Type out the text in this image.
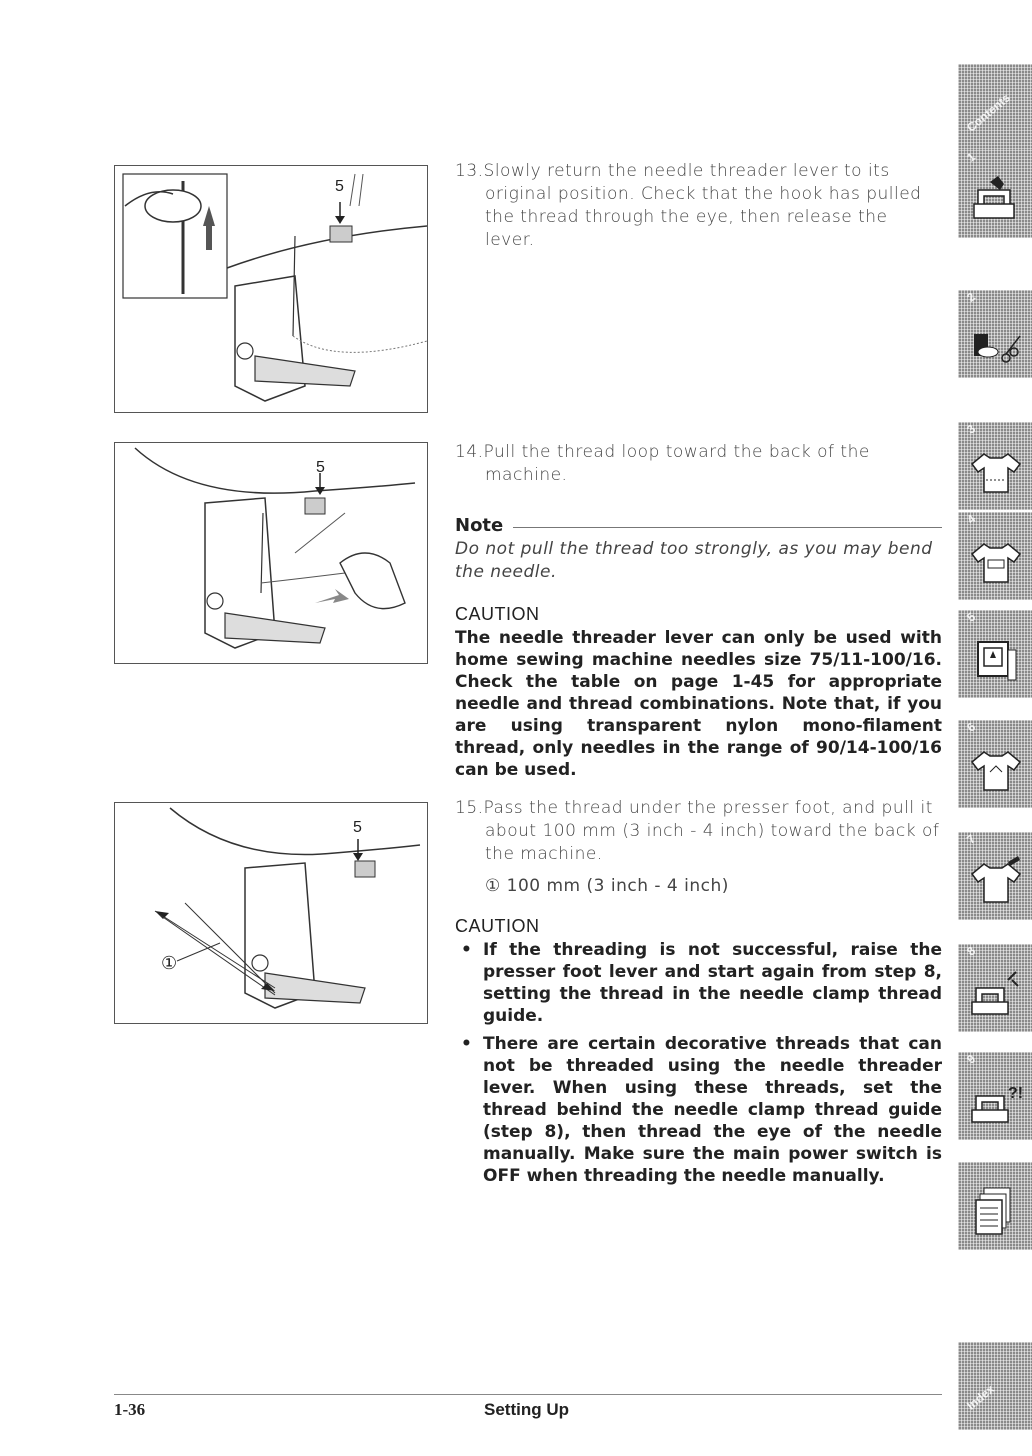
5
5
5
①
13.Slowly return the needle threader lever to its original position. Check that the hook has pulled the thread through the eye, then release the lever.
14.Pull the thread loop toward the back of the machine.
Note
Do not pull the thread too strongly, as you may bend the needle.
CAUTION
The needle threader lever can only be used with home sewing machine needles size 75/11-100/16. Check the table on page 1-45 for appropriate needle and thread combinations. Note that, if you are using transparent nylon mono-filament thread, only needles in the range of 90/14-100/16 can be used.
15.Pass the thread under the presser foot, and pull it about 100 mm (3 inch - 4 inch) toward the back of the machine.
① 100 mm (3 inch - 4 inch)
CAUTION
• If the threading is not successful, raise the presser foot lever and start again from step 8, setting the thread in the needle clamp thread guide.
• There are certain decorative threads that can not be threaded using the needle threader lever. When using these threads, set the thread behind the needle clamp thread guide (step 8), then thread the eye of the needle manually. Make sure the main power switch is OFF when threading the needle manually.
1-36	Setting Up
Contents
1
2
3
4
5
6
7
8
9
?!
Index
